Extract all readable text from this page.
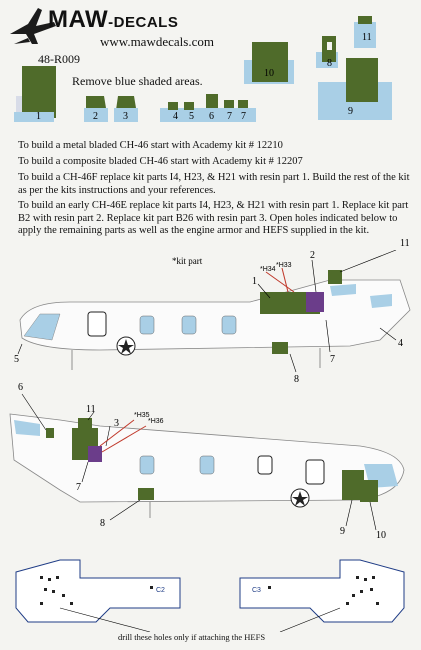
MAW-DECALS
www.mawdecals.com
48-R009
Remove blue shaded areas.
1	2	3	4 5 6 7 7
10
8
11
9
To build a metal bladed CH-46 start with Academy kit # 12210
To build a composite bladed CH-46 start with Academy kit # 12207
To build a CH-46F replace kit parts I4, H23, & H21 with resin part 1. Build the rest of the kit as per the kits instructions and your references.
To build an early CH-46E replace kit parts I4, H23, & H21 with resin part 1. Replace kit part B2 with resin part 2. Replace kit part B26 with resin part 3. Open holes indicated below to apply the remaining parts as well as the engine armor and HEFS supplied in the kit.
*kit part	*H33
*H34
2
11
1
4
5	7
8
6
11
3
*H35
*H36
7
8
9	10
C2	C3
drill these holes only if attaching the HEFS
